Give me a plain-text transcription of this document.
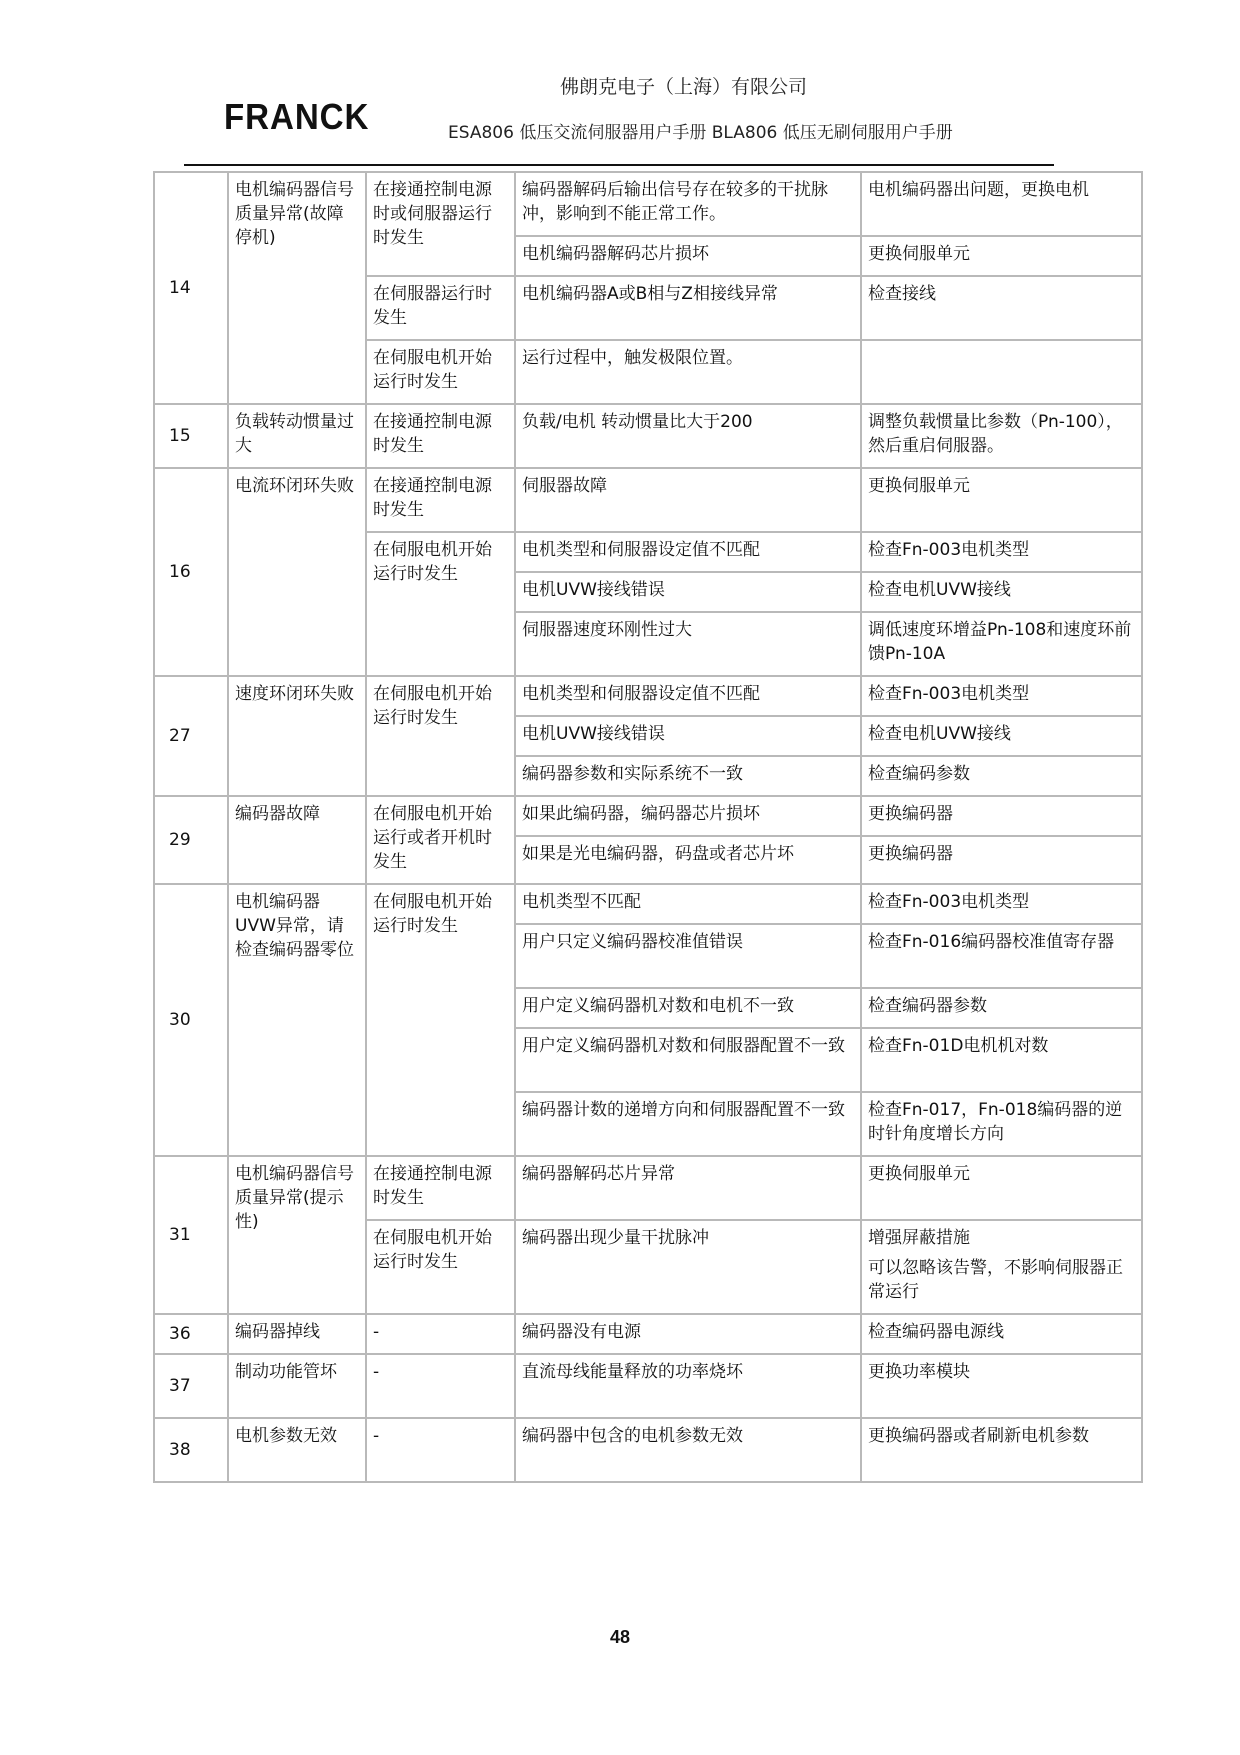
FRANCK
佛朗克电子（上海）有限公司
ESA806 低压交流伺服器用户手册 BLA806 低压无刷伺服用户手册
14	电机编码器信号质量异常(故障停机)	在接通控制电源时或伺服器运行时发生	编码器解码后输出信号存在较多的干扰脉冲，影响到不能正常工作。	电机编码器出问题，更换电机
			电机编码器解码芯片损坏	更换伺服单元
		在伺服器运行时发生	电机编码器A或B相与Z相接线异常	检查接线
		在伺服电机开始运行时发生	运行过程中，触发极限位置。	
15	负载转动惯量过大	在接通控制电源时发生	负载/电机 转动惯量比大于200	调整负载惯量比参数（Pn-100），然后重启伺服器。
16	电流环闭环失败	在接通控制电源时发生	伺服器故障	更换伺服单元
		在伺服电机开始运行时发生	电机类型和伺服器设定值不匹配	检查Fn-003电机类型
			电机UVW接线错误	检查电机UVW接线
			伺服器速度环刚性过大	调低速度环增益Pn-108和速度环前馈Pn-10A
27	速度环闭环失败	在伺服电机开始运行时发生	电机类型和伺服器设定值不匹配	检查Fn-003电机类型
			电机UVW接线错误	检查电机UVW接线
			编码器参数和实际系统不一致	检查编码参数
29	编码器故障	在伺服电机开始运行或者开机时发生	如果此编码器，编码器芯片损坏	更换编码器
			如果是光电编码器，码盘或者芯片坏	更换编码器
30	电机编码器UVW异常，请检查编码器零位	在伺服电机开始运行时发生	电机类型不匹配	检查Fn-003电机类型
			用户只定义编码器校准值错误	检查Fn-016编码器校准值寄存器
			用户定义编码器机对数和电机不一致	检查编码器参数
			用户定义编码器机对数和伺服器配置不一致	检查Fn-01D电机机对数
			编码器计数的递增方向和伺服器配置不一致	检查Fn-017，Fn-018编码器的逆时针角度增长方向
31	电机编码器信号质量异常(提示性)	在接通控制电源时发生	编码器解码芯片异常	更换伺服单元
		在伺服电机开始运行时发生	编码器出现少量干扰脉冲	增强屏蔽措施
可以忽略该告警，不影响伺服器正常运行

36	编码器掉线	-	编码器没有电源	检查编码器电源线
37	制动功能管坏	-	直流母线能量释放的功率烧坏	更换功率模块
38	电机参数无效	-	编码器中包含的电机参数无效	更换编码器或者刷新电机参数
48
